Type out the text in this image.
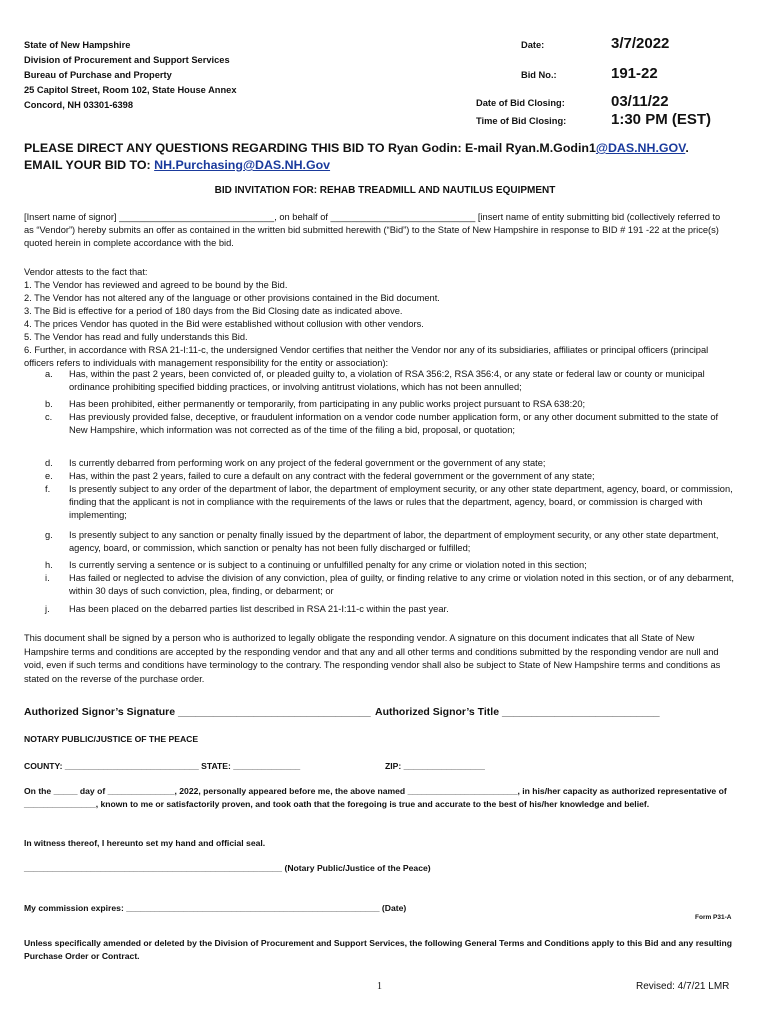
State of New Hampshire
Division of Procurement and Support Services
Bureau of Purchase and Property
25 Capitol Street, Room 102, State House Annex
Concord, NH 03301-6398
Date:	3/7/2022
Bid No.:	191-22
Date of Bid Closing:	03/11/22
Time of Bid Closing:	1:30 PM (EST)
PLEASE DIRECT ANY QUESTIONS REGARDING THIS BID TO Ryan Godin: E-mail Ryan.M.Godin1@DAS.NH.GOV.
EMAIL YOUR BID TO: NH.Purchasing@DAS.NH.Gov
BID INVITATION FOR: REHAB TREADMILL AND NAUTILUS EQUIPMENT
[Insert name of signor] ______________________________, on behalf of ____________________________ [insert name of entity submitting bid (collectively referred to as “Vendor”) hereby submits an offer as contained in the written bid submitted herewith (“Bid”) to the State of New Hampshire in response to BID # 191 -22 at the price(s) quoted herein in complete accordance with the bid.
Vendor attests to the fact that:
1. The Vendor has reviewed and agreed to be bound by the Bid.
2. The Vendor has not altered any of the language or other provisions contained in the Bid document.
3. The Bid is effective for a period of 180 days from the Bid Closing date as indicated above.
4. The prices Vendor has quoted in the Bid were established without collusion with other vendors.
5. The Vendor has read and fully understands this Bid.
6. Further, in accordance with RSA 21-I:11-c, the undersigned Vendor certifies that neither the Vendor nor any of its subsidiaries, affiliates or principal officers (principal officers refers to individuals with management responsibility for the entity or association):
a. Has, within the past 2 years, been convicted of, or pleaded guilty to, a violation of RSA 356:2, RSA 356:4, or any state or federal law or county or municipal ordinance prohibiting specified bidding practices, or involving antitrust violations, which has not been annulled;
b. Has been prohibited, either permanently or temporarily, from participating in any public works project pursuant to RSA 638:20;
c. Has previously provided false, deceptive, or fraudulent information on a vendor code number application form, or any other document submitted to the state of New Hampshire, which information was not corrected as of the time of the filing a bid, proposal, or quotation;
d. Is currently debarred from performing work on any project of the federal government or the government of any state;
e. Has, within the past 2 years, failed to cure a default on any contract with the federal government or the government of any state;
f. Is presently subject to any order of the department of labor, the department of employment security, or any other state department, agency, board, or commission, finding that the applicant is not in compliance with the requirements of the laws or rules that the department, agency, board, or commission is charged with implementing;
g. Is presently subject to any sanction or penalty finally issued by the department of labor, the department of employment security, or any other state department, agency, board, or commission, which sanction or penalty has not been fully discharged or fulfilled;
h. Is currently serving a sentence or is subject to a continuing or unfulfilled penalty for any crime or violation noted in this section;
i. Has failed or neglected to advise the division of any conviction, plea of guilty, or finding relative to any crime or violation noted in this section, or of any debarment, within 30 days of such conviction, plea, finding, or debarment; or
j. Has been placed on the debarred parties list described in RSA 21-I:11-c within the past year.
This document shall be signed by a person who is authorized to legally obligate the responding vendor. A signature on this document indicates that all State of New Hampshire terms and conditions are accepted by the responding vendor and that any and all other terms and conditions submitted by the responding vendor are null and void, even if such terms and conditions have terminology to the contrary. The responding vendor shall also be subject to State of New Hampshire terms and conditions as stated on the reverse of the purchase order.
Authorized Signor’s Signature _________________________________ Authorized Signor’s Title ___________________________
NOTARY PUBLIC/JUSTICE OF THE PEACE
COUNTY: ____________________________ STATE: ______________	ZIP: _________________
On the _____ day of ______________, 2022, personally appeared before me, the above named _______________________, in his/her capacity as authorized representative of _______________, known to me or satisfactorily proven, and took oath that the foregoing is true and accurate to the best of his/her knowledge and belief.
In witness thereof, I hereunto set my hand and official seal.
______________________________________________________ (Notary Public/Justice of the Peace)
My commission expires: _____________________________________________________ (Date)
Form P31-A
Unless specifically amended or deleted by the Division of Procurement and Support Services, the following General Terms and Conditions apply to this Bid and any resulting Purchase Order or Contract.
1	Revised: 4/7/21 LMR
